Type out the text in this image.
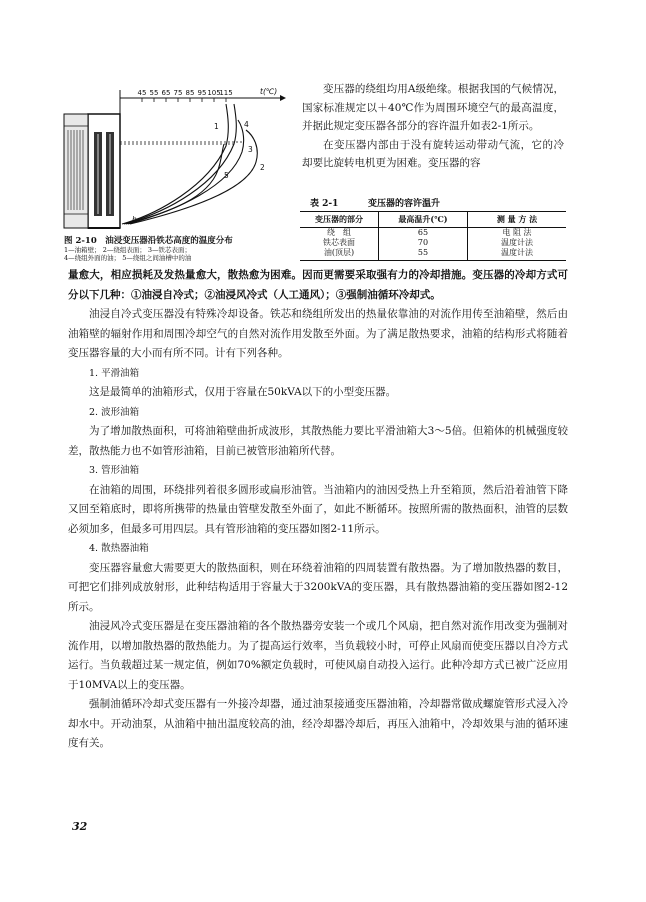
45 55 65 75 85 95 105
115	t(℃)
1	4
3
2
5
h
图 2-10　油浸变压器沿铁芯高度的温度分布
1—油箱壁； 2—绕组表面； 3—铁芯表面；
4—绕组外面的油； 5—绕组之间油槽中的油

变压器的绕组均用A级绝缘。根据我国的气候情况，国家标准规定以＋40℃作为周围环境空气的最高温度，并据此规定变压器各部分的容许温升如表2-1所示。

在变压器内部由于没有旋转运动带动气流，它的冷却要比旋转电机更为困难。变压器的容

表 2-1	变压器的容许温升
变压器的部分	最高温升(℃)	测 量 方 法
绕　组	65	电 阻 法
铁芯表面	70	温度计法
油(顶层)	55	温度计法

量愈大，相应损耗及发热量愈大，散热愈为困难。因而更需要采取强有力的冷却措施。变压器的冷却方式可分以下几种：①油浸自冷式；②油浸风冷式（人工通风）；③强制油循环冷却式。

油浸自冷式变压器没有特殊冷却设备。铁芯和绕组所发出的热量依靠油的对流作用传至油箱壁，然后由油箱壁的辐射作用和周围冷却空气的自然对流作用发散至外面。为了满足散热要求，油箱的结构形式将随着变压器容量的大小而有所不同。计有下列各种。

1. 平滑油箱

这是最简单的油箱形式，仅用于容量在50kVA以下的小型变压器。

2. 波形油箱

为了增加散热面积，可将油箱壁曲折成波形，其散热能力要比平滑油箱大3～5倍。但箱体的机械强度较差，散热能力也不如管形油箱，目前已被管形油箱所代替。

3. 管形油箱

在油箱的周围，环绕排列着很多圆形或扁形油管。当油箱内的油因受热上升至箱顶，然后沿着油管下降又回至箱底时，即将所携带的热量由管壁发散至外面了，如此不断循环。按照所需的散热面积，油管的层数必须加多，但最多可用四层。具有管形油箱的变压器如图2-11所示。

4. 散热器油箱

变压器容量愈大需要更大的散热面积，则在环绕着油箱的四周装置有散热器。为了增加散热器的数目，可把它们排列成放射形，此种结构适用于容量大于3200kVA的变压器，具有散热器油箱的变压器如图2-12所示。

油浸风冷式变压器是在变压器油箱的各个散热器旁安装一个或几个风扇，把自然对流作用改变为强制对流作用，以增加散热器的散热能力。为了提高运行效率，当负载较小时，可停止风扇而使变压器以自冷方式运行。当负载超过某一规定值，例如70%额定负载时，可使风扇自动投入运行。此种冷却方式已被广泛应用于10MVA以上的变压器。

强制油循环冷却式变压器有一外接冷却器，通过油泵接通变压器油箱，冷却器常做成螺旋管形式浸入冷却水中。开动油泵，从油箱中抽出温度较高的油，经冷却器冷却后，再压入油箱中，冷却效果与油的循环速度有关。

32
